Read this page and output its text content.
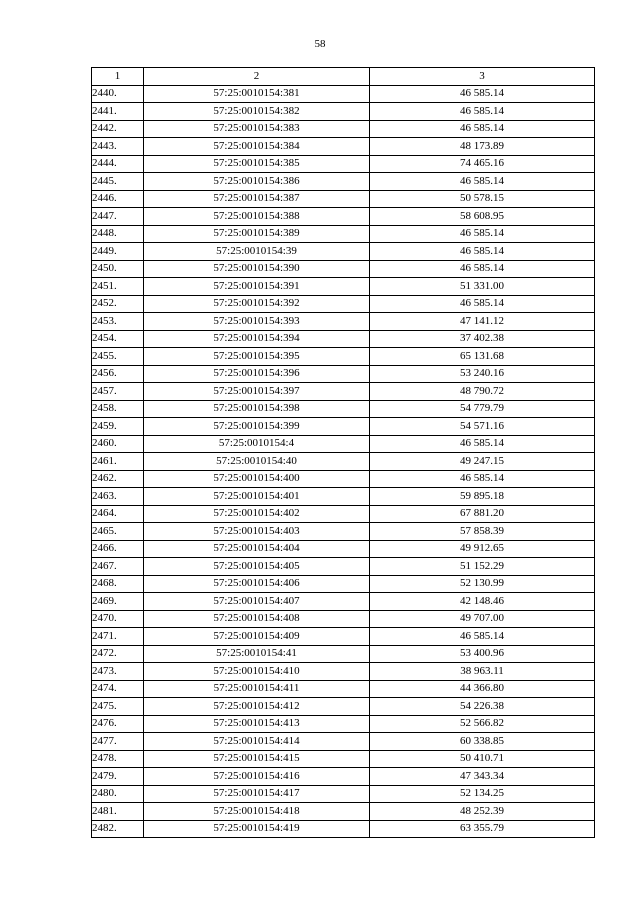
58
1	2	3
2440.	57:25:0010154:381	46 585.14
2441.	57:25:0010154:382	46 585.14
2442.	57:25:0010154:383	46 585.14
2443.	57:25:0010154:384	48 173.89
2444.	57:25:0010154:385	74 465.16
2445.	57:25:0010154:386	46 585.14
2446.	57:25:0010154:387	50 578.15
2447.	57:25:0010154:388	58 608.95
2448.	57:25:0010154:389	46 585.14
2449.	57:25:0010154:39	46 585.14
2450.	57:25:0010154:390	46 585.14
2451.	57:25:0010154:391	51 331.00
2452.	57:25:0010154:392	46 585.14
2453.	57:25:0010154:393	47 141.12
2454.	57:25:0010154:394	37 402.38
2455.	57:25:0010154:395	65 131.68
2456.	57:25:0010154:396	53 240.16
2457.	57:25:0010154:397	48 790.72
2458.	57:25:0010154:398	54 779.79
2459.	57:25:0010154:399	54 571.16
2460.	57:25:0010154:4	46 585.14
2461.	57:25:0010154:40	49 247.15
2462.	57:25:0010154:400	46 585.14
2463.	57:25:0010154:401	59 895.18
2464.	57:25:0010154:402	67 881.20
2465.	57:25:0010154:403	57 858.39
2466.	57:25:0010154:404	49 912.65
2467.	57:25:0010154:405	51 152.29
2468.	57:25:0010154:406	52 130.99
2469.	57:25:0010154:407	42 148.46
2470.	57:25:0010154:408	49 707.00
2471.	57:25:0010154:409	46 585.14
2472.	57:25:0010154:41	53 400.96
2473.	57:25:0010154:410	38 963.11
2474.	57:25:0010154:411	44 366.80
2475.	57:25:0010154:412	54 226.38
2476.	57:25:0010154:413	52 566.82
2477.	57:25:0010154:414	60 338.85
2478.	57:25:0010154:415	50 410.71
2479.	57:25:0010154:416	47 343.34
2480.	57:25:0010154:417	52 134.25
2481.	57:25:0010154:418	48 252.39
2482.	57:25:0010154:419	63 355.79
